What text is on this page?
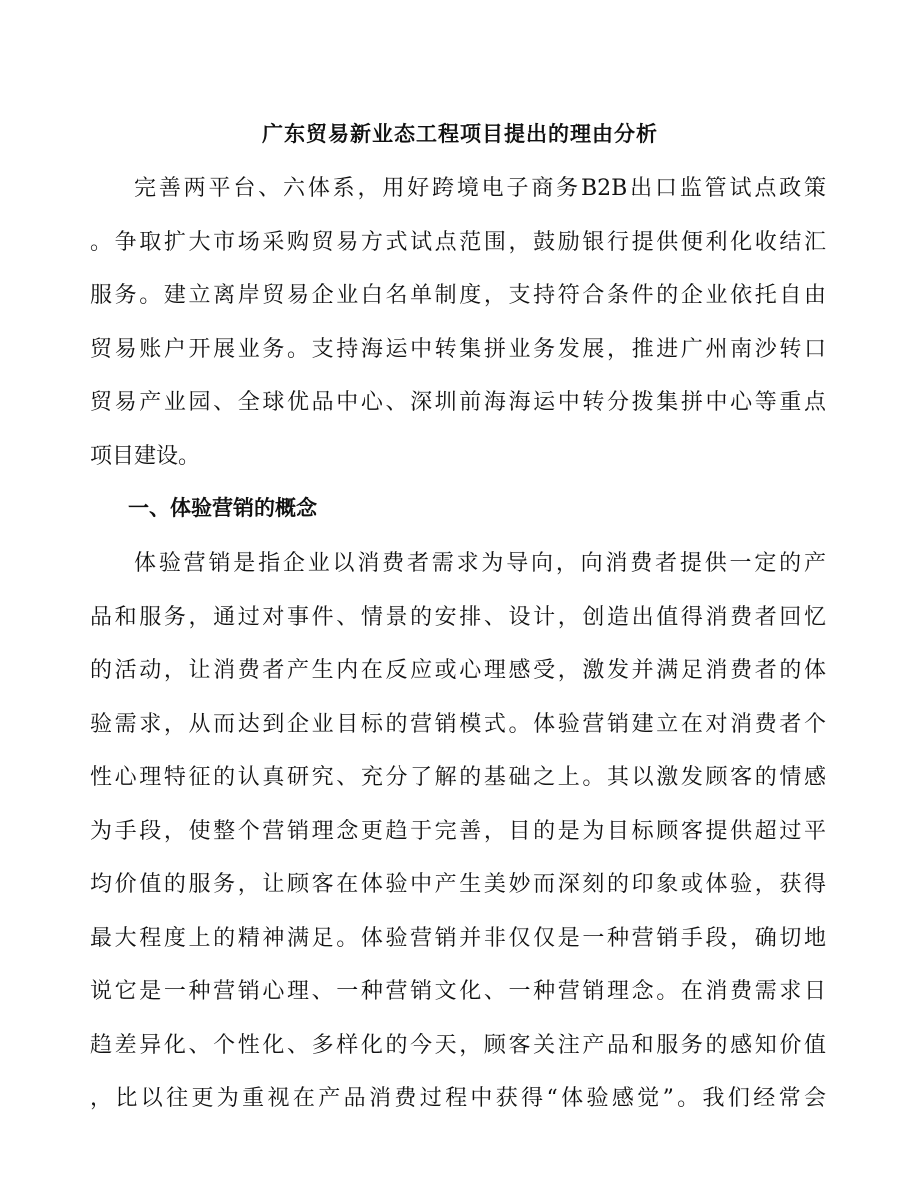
广东贸易新业态工程项目提出的理由分析
完善两平台、六体系，用好跨境电子商务B2B出口监管试点政策
。争取扩大市场采购贸易方式试点范围，鼓励银行提供便利化收结汇
服务。建立离岸贸易企业白名单制度，支持符合条件的企业依托自由
贸易账户开展业务。支持海运中转集拼业务发展，推进广州南沙转口
贸易产业园、全球优品中心、深圳前海海运中转分拨集拼中心等重点
项目建设。
一、体验营销的概念
体验营销是指企业以消费者需求为导向，向消费者提供一定的产
品和服务，通过对事件、情景的安排、设计，创造出值得消费者回忆
的活动，让消费者产生内在反应或心理感受，激发并满足消费者的体
验需求，从而达到企业目标的营销模式。体验营销建立在对消费者个
性心理特征的认真研究、充分了解的基础之上。其以激发顾客的情感
为手段，使整个营销理念更趋于完善，目的是为目标顾客提供超过平
均价值的服务，让顾客在体验中产生美妙而深刻的印象或体验，获得
最大程度上的精神满足。体验营销并非仅仅是一种营销手段，确切地
说它是一种营销心理、一种营销文化、一种营销理念。在消费需求日
趋差异化、个性化、多样化的今天，顾客关注产品和服务的感知价值
，比以往更为重视在产品消费过程中获得“体验感觉”。我们经常会
